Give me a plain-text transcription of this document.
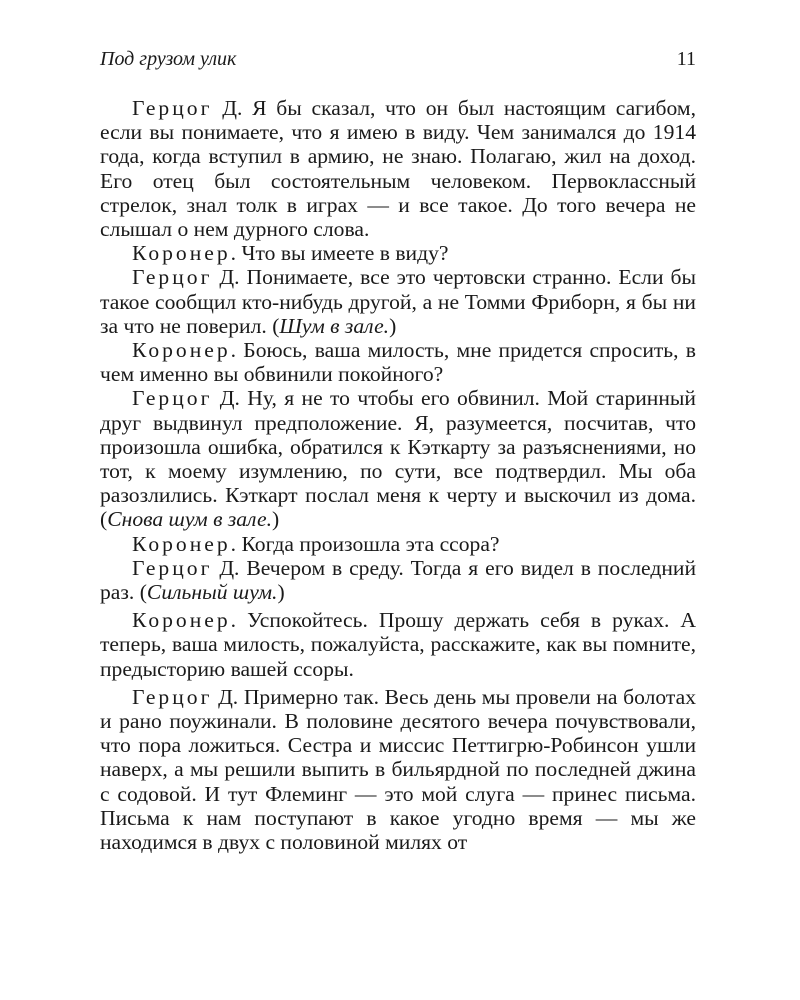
Под грузом улик	11

Герцог Д. Я бы сказал, что он был настоящим сагибом, если вы понимаете, что я имею в виду. Чем занимался до 1914 года, когда вступил в армию, не знаю. Полагаю, жил на доход. Его отец был состоятельным человеком. Первоклассный стрелок, знал толк в играх — и все такое. До того вечера не слышал о нем дурного слова.

Коронер. Что вы имеете в виду?

Герцог Д. Понимаете, все это чертовски странно. Если бы такое сообщил кто-нибудь другой, а не Томми Фриборн, я бы ни за что не поверил. (Шум в зале.)

Коронер. Боюсь, ваша милость, мне придется спросить, в чем именно вы обвинили покойного?

Герцог Д. Ну, я не то чтобы его обвинил. Мой старинный друг выдвинул предположение. Я, разумеется, посчитав, что произошла ошибка, обратился к Кэткарту за разъяснениями, но тот, к моему изумлению, по сути, все подтвердил. Мы оба разозлились. Кэткарт послал меня к черту и выскочил из дома. (Снова шум в зале.)

Коронер. Когда произошла эта ссора?

Герцог Д. Вечером в среду. Тогда я его видел в последний раз. (Сильный шум.)

Коронер. Успокойтесь. Прошу держать себя в руках. А теперь, ваша милость, пожалуйста, расскажите, как вы помните, предысторию вашей ссоры.

Герцог Д. Примерно так. Весь день мы провели на болотах и рано поужинали. В половине десятого вечера почувствовали, что пора ложиться. Сестра и миссис Петтигрю-Робинсон ушли наверх, а мы решили выпить в бильярдной по последней джина с содовой. И тут Флеминг — это мой слуга — принес письма. Письма к нам поступают в какое угодно время — мы же находимся в двух с половиной милях от
